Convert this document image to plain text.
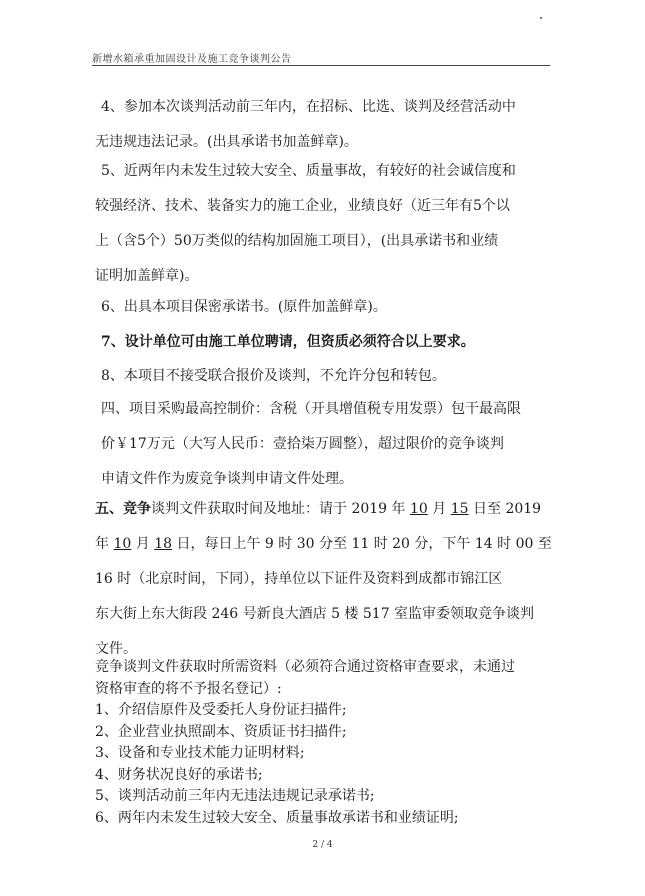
新增水箱承重加固设计及施工竞争谈判公告

4、参加本次谈判活动前三年内，在招标、比选、谈判及经营活动中

无违规违法记录。(出具承诺书加盖鲜章)。

5、近两年内未发生过较大安全、质量事故，有较好的社会诚信度和

较强经济、技术、装备实力的施工企业，业绩良好（近三年有5个以

上（含5个）50万类似的结构加固施工项目），(出具承诺书和业绩

证明加盖鲜章)。

6、出具本项目保密承诺书。(原件加盖鲜章)。

7、设计单位可由施工单位聘请，但资质必须符合以上要求。

8、本项目不接受联合报价及谈判，不允许分包和转包。

四、项目采购最高控制价：含税（开具增值税专用发票）包干最高限

价￥17万元（大写人民币：壹拾柒万圆整），超过限价的竞争谈判

申请文件作为废竞争谈判申请文件处理。

五、竞争谈判文件获取时间及地址：请于 2019 年 10 月 15 日至 2019

年 10 月 18 日，每日上午 9 时 30 分至 11 时 20 分，下午 14 时 00 至

16 时（北京时间，下同），持单位以下证件及资料到成都市锦江区

东大街上东大街段 246 号新良大酒店 5 楼 517 室监审委领取竞争谈判

文件。

竞争谈判文件获取时所需资料（必须符合通过资格审查要求，未通过

资格审查的将不予报名登记）:

1、介绍信原件及受委托人身份证扫描件;

2、企业营业执照副本、资质证书扫描件;

3、设备和专业技术能力证明材料;

4、财务状况良好的承诺书;

5、谈判活动前三年内无违法违规记录承诺书;

6、两年内未发生过较大安全、质量事故承诺书和业绩证明;

2 / 4
